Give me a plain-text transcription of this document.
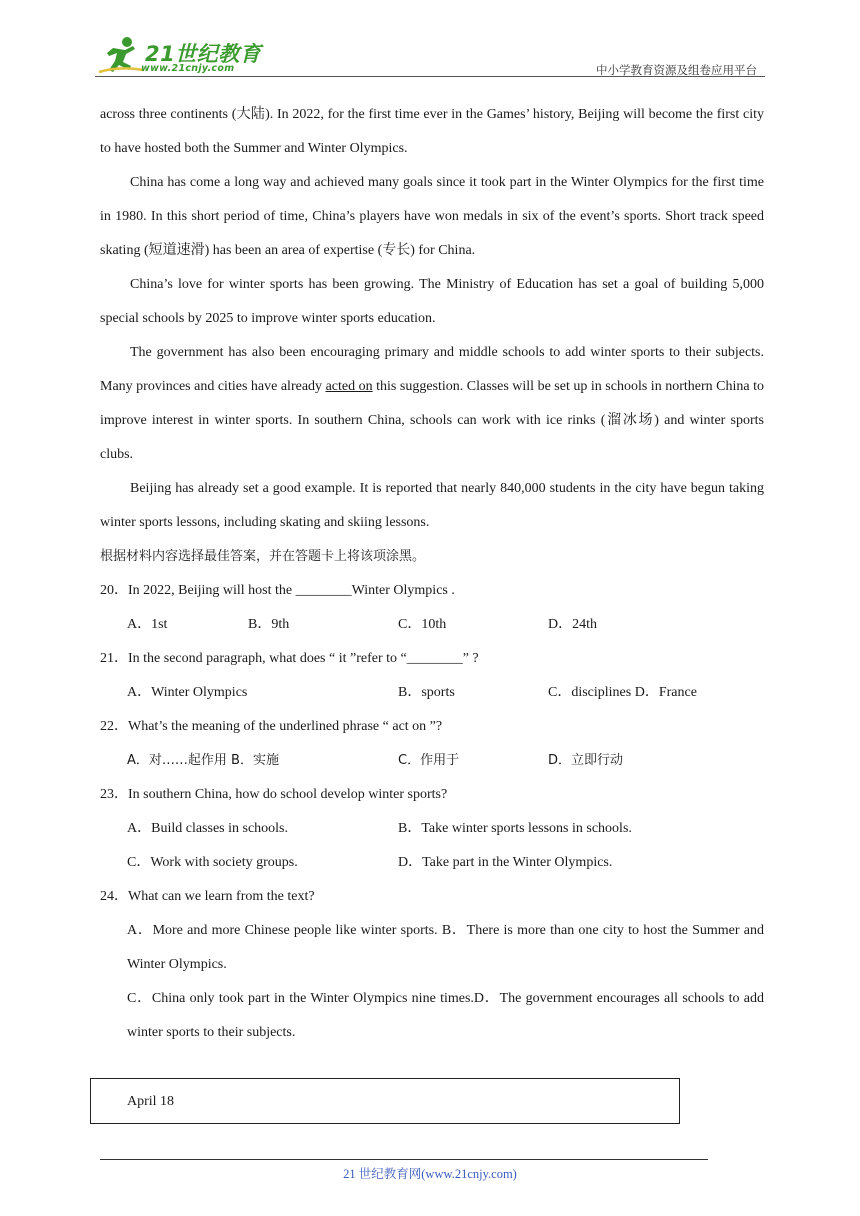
21世纪教育
www.21cnjy.com	中小学教育资源及组卷应用平台

across three continents (大陆). In 2022, for the first time ever in the Games’ history, Beijing will become the first city to have hosted both the Summer and Winter Olympics.

China has come a long way and achieved many goals since it took part in the Winter Olympics for the first time in 1980. In this short period of time, China’s players have won medals in six of the event’s sports. Short track speed skating (短道速滑) has been an area of expertise (专长) for China.

China’s love for winter sports has been growing. The Ministry of Education has set a goal of building 5,000 special schools by 2025 to improve winter sports education.

The government has also been encouraging primary and middle schools to add winter sports to their subjects. Many provinces and cities have already acted on this suggestion. Classes will be set up in schools in northern China to improve interest in winter sports. In southern China, schools can work with ice rinks (溜冰场) and winter sports clubs.

Beijing has already set a good example. It is reported that nearly 840,000 students in the city have begun taking winter sports lessons, including skating and skiing lessons.

根据材料内容选择最佳答案，并在答题卡上将该项涂黑。

20．In 2022, Beijing will host the ________Winter Olympics .

A．1st	B．9th	C．10th	D．24th

21．In the second paragraph, what does “ it ”refer to “________” ?

A．Winter Olympics	B．sports	C．disciplines D．France

22．What’s the meaning of the underlined phrase “ act on ”?

A．对……起作用 B．实施	C．作用于	D．立即行动

23．In southern China, how do school develop winter sports?

A．Build classes in schools.	B．Take winter sports lessons in schools.
C．Work with society groups.	D．Take part in the Winter Olympics.

24．What can we learn from the text?

A．More and more Chinese people like winter sports. B．There is more than one city to host the Summer and Winter Olympics.
C．China only took part in the Winter Olympics nine times.D．The government encourages all schools to add winter sports to their subjects.
April 18
21 世纪教育网(www.21cnjy.com)
